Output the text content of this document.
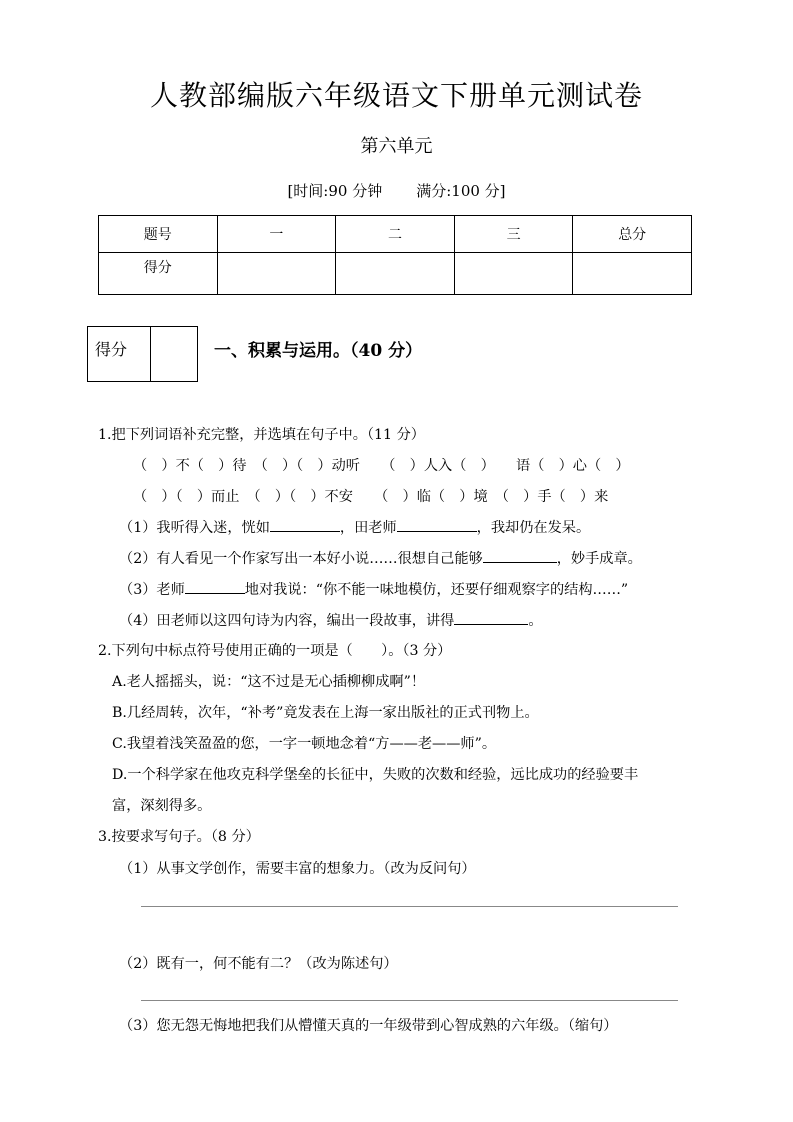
人教部编版六年级语文下册单元测试卷
第六单元
[时间:90 分钟 满分:100 分]
题号	一	二	三	总分
得分				
得分		一、积累与运用。（40 分）
1.把下列词语补充完整，并选填在句子中。（11 分）
（　）不（　）待　（　）（　）动听　　（　）人入（　）　　语（　）心（　）
（　）（　）而止　（　）（　）不安　　（　）临（　）境　（　）手（　）来
（1）我听得入迷，恍如	，田老师	，我却仍在发呆。
（2）有人看见一个作家写出一本好小说……很想自己能够	，妙手成章。
（3）老师	地对我说：“你不能一味地模仿，还要仔细观察字的结构……”
（4）田老师以这四句诗为内容，编出一段故事，讲得	。
2.下列句中标点符号使用正确的一项是（　　）。（3 分）
A.老人摇摇头，说：“这不过是无心插柳柳成啊”！
B.几经周转，次年，“补考”竟发表在上海一家出版社的正式刊物上。
C.我望着浅笑盈盈的您，一字一顿地念着“方——老——师”。
D.一个科学家在他攻克科学堡垒的长征中，失败的次数和经验，远比成功的经验要丰
富，深刻得多。
3.按要求写句子。（8 分）
（1）从事文学创作，需要丰富的想象力。（改为反问句）
（2）既有一，何不能有二？（改为陈述句）
（3）您无怨无悔地把我们从懵懂天真的一年级带到心智成熟的六年级。（缩句）
